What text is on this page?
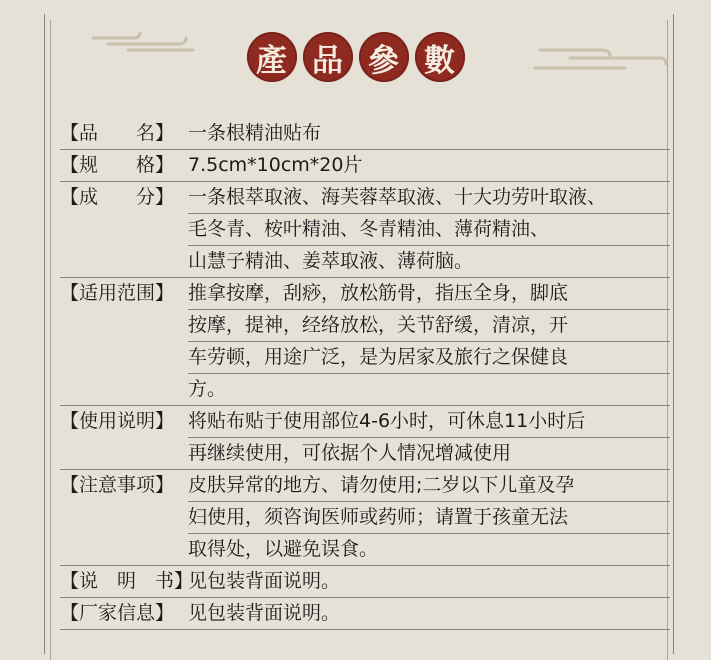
產 品 參 數
【品　　名】 一条根精油贴布
【规　　格】 7.5cm*10cm*20片
【成　　分】 一条根萃取液、海芙蓉萃取液、十大功劳叶取液、
毛冬青、桉叶精油、冬青精油、薄荷精油、
山慧子精油、姜萃取液、薄荷脑。
【适用范围】 推拿按摩，刮痧，放松筋骨，指压全身，脚底
按摩，提神，经络放松，关节舒缓，清凉，开
车劳顿，用途广泛，是为居家及旅行之保健良
方。
【使用说明】 将贴布贴于使用部位4-6小时，可休息11小时后
再继续使用，可依据个人情况增减使用
【注意事项】 皮肤异常的地方、请勿使用;二岁以下儿童及孕
妇使用，须咨询医师或药师；请置于孩童无法
取得处，以避免误食。
【说　明　书】
见包装背面说明。
【厂家信息】 见包装背面说明。
